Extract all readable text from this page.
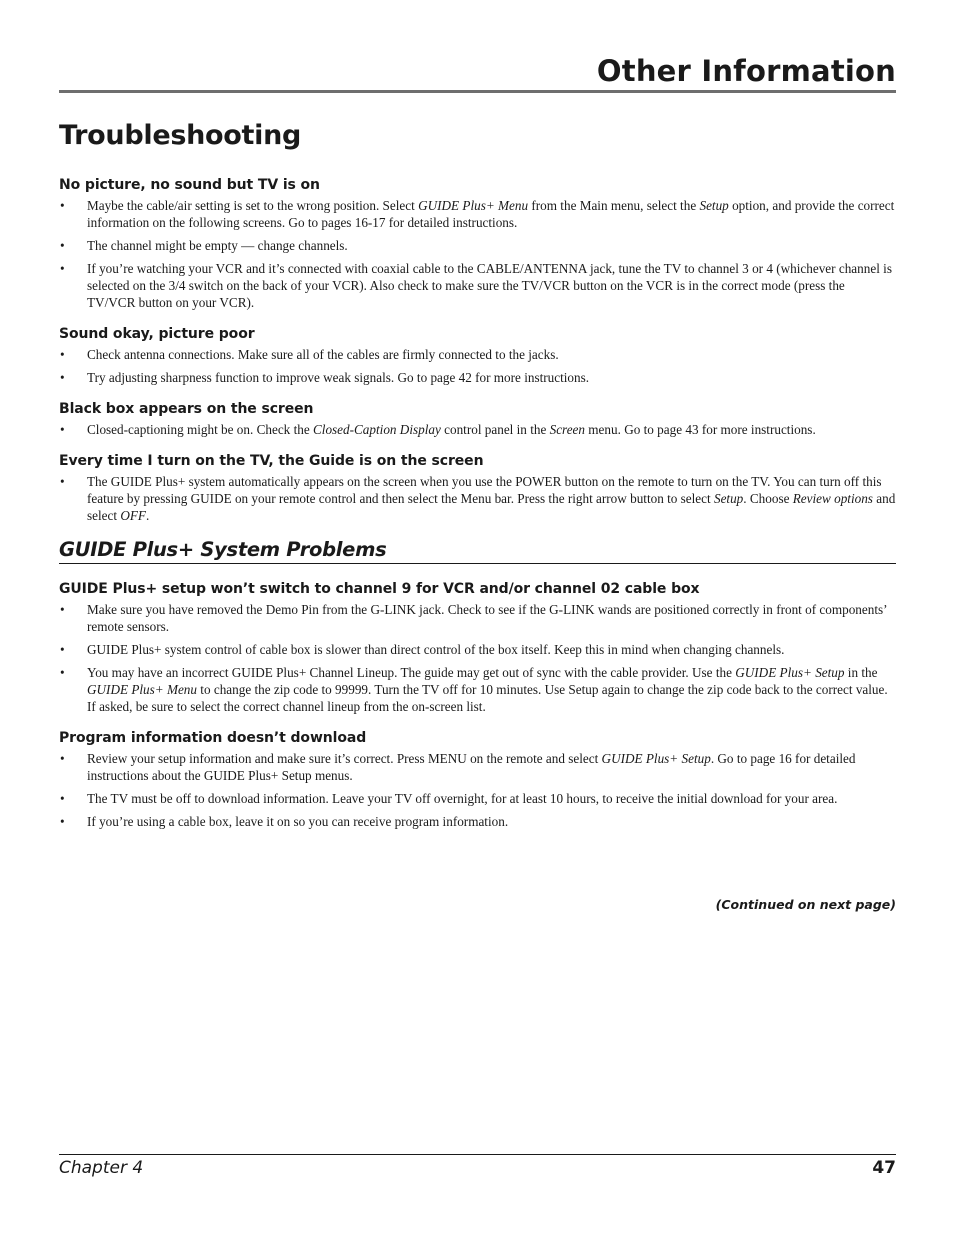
Other Information
Troubleshooting
No picture, no sound but TV is on
• Maybe the cable/air setting is set to the wrong position. Select GUIDE Plus+ Menu from the Main menu, select the Setup option, and provide the correct information on the following screens. Go to pages 16-17 for detailed instructions.
• The channel might be empty — change channels.
• If you’re watching your VCR and it’s connected with coaxial cable to the CABLE/ANTENNA jack, tune the TV to channel 3 or 4 (whichever channel is selected on the 3/4 switch on the back of your VCR). Also check to make sure the TV/VCR button on the VCR is in the correct mode (press the TV/VCR button on your VCR).
Sound okay, picture poor
• Check antenna connections. Make sure all of the cables are firmly connected to the jacks.
• Try adjusting sharpness function to improve weak signals. Go to page 42 for more instructions.
Black box appears on the screen
• Closed-captioning might be on. Check the Closed-Caption Display control panel in the Screen menu. Go to page 43 for more instructions.
Every time I turn on the TV, the Guide is on the screen
• The GUIDE Plus+ system automatically appears on the screen when you use the POWER button on the remote to turn on the TV. You can turn off this feature by pressing GUIDE on your remote control and then select the Menu bar. Press the right arrow button to select Setup. Choose Review options and select OFF.
GUIDE Plus+ System Problems
GUIDE Plus+ setup won’t switch to channel 9 for VCR and/or channel 02 cable box
• Make sure you have removed the Demo Pin from the G-LINK jack. Check to see if the G-LINK wands are positioned correctly in front of components’ remote sensors.
• GUIDE Plus+ system control of cable box is slower than direct control of the box itself. Keep this in mind when changing channels.
• You may have an incorrect GUIDE Plus+ Channel Lineup. The guide may get out of sync with the cable provider. Use the GUIDE Plus+ Setup in the GUIDE Plus+ Menu to change the zip code to 99999. Turn the TV off for 10 minutes. Use Setup again to change the zip code back to the correct value. If asked, be sure to select the correct channel lineup from the on-screen list.
Program information doesn’t download
• Review your setup information and make sure it’s correct. Press MENU on the remote and select GUIDE Plus+ Setup. Go to page 16 for detailed instructions about the GUIDE Plus+ Setup menus.
• The TV must be off to download information. Leave your TV off overnight, for at least 10 hours, to receive the initial download for your area.
• If you’re using a cable box, leave it on so you can receive program information.
(Continued on next page)
Chapter 4	47
